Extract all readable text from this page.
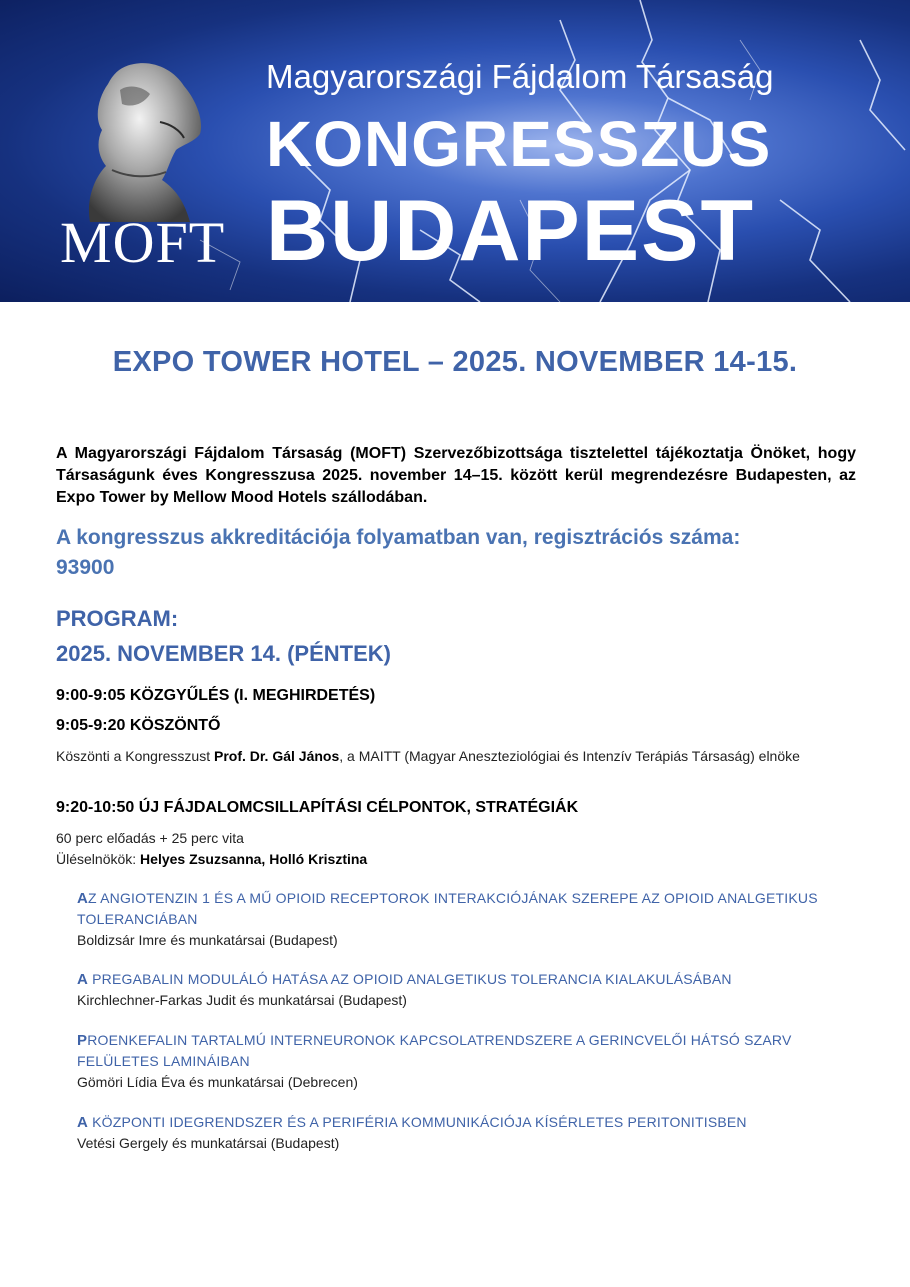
MOFT
Magyarországi Fájdalom Társaság
KONGRESSZUS
BUDAPEST
EXPO TOWER HOTEL – 2025. NOVEMBER 14-15.
A Magyarországi Fájdalom Társaság (MOFT) Szervezőbizottsága tisztelettel tájékoztatja Önöket, hogy Társaságunk éves Kongresszusa 2025. november 14–15. között kerül megrendezésre Budapesten, az Expo Tower by Mellow Mood Hotels szállodában.
A kongresszus akkreditációja folyamatban van, regisztrációs száma:
93900
PROGRAM:
2025. NOVEMBER 14. (PÉNTEK)
9:00-9:05 KÖZGYŰLÉS (I. MEGHIRDETÉS)
9:05-9:20 KÖSZÖNTŐ
Köszönti a Kongresszust Prof. Dr. Gál János, a MAITT (Magyar Aneszteziológiai és Intenzív Terápiás Társaság) elnöke
9:20-10:50 ÚJ FÁJDALOMCSILLAPÍTÁSI CÉLPONTOK, STRATÉGIÁK
60 perc előadás + 25 perc vita
Üléselnökök: Helyes Zsuzsanna, Holló Krisztina
AZ ANGIOTENZIN 1 ÉS A MŰ OPIOID RECEPTOROK INTERAKCIÓJÁNAK SZEREPE AZ OPIOID ANALGETIKUS TOLERANCIÁBAN
Boldizsár Imre és munkatársai (Budapest)
A PREGABALIN MODULÁLÓ HATÁSA AZ OPIOID ANALGETIKUS TOLERANCIA KIALAKULÁSÁBAN
Kirchlechner-Farkas Judit és munkatársai (Budapest)
PROENKEFALIN TARTALMÚ INTERNEURONOK KAPCSOLATRENDSZERE A GERINCVELŐI HÁTSÓ SZARV FELÜLETES LAMINÁIBAN
Gömöri Lídia Éva és munkatársai (Debrecen)
A KÖZPONTI IDEGRENDSZER ÉS A PERIFÉRIA KOMMUNIKÁCIÓJA KÍSÉRLETES PERITONITISBEN
Vetési Gergely és munkatársai (Budapest)
